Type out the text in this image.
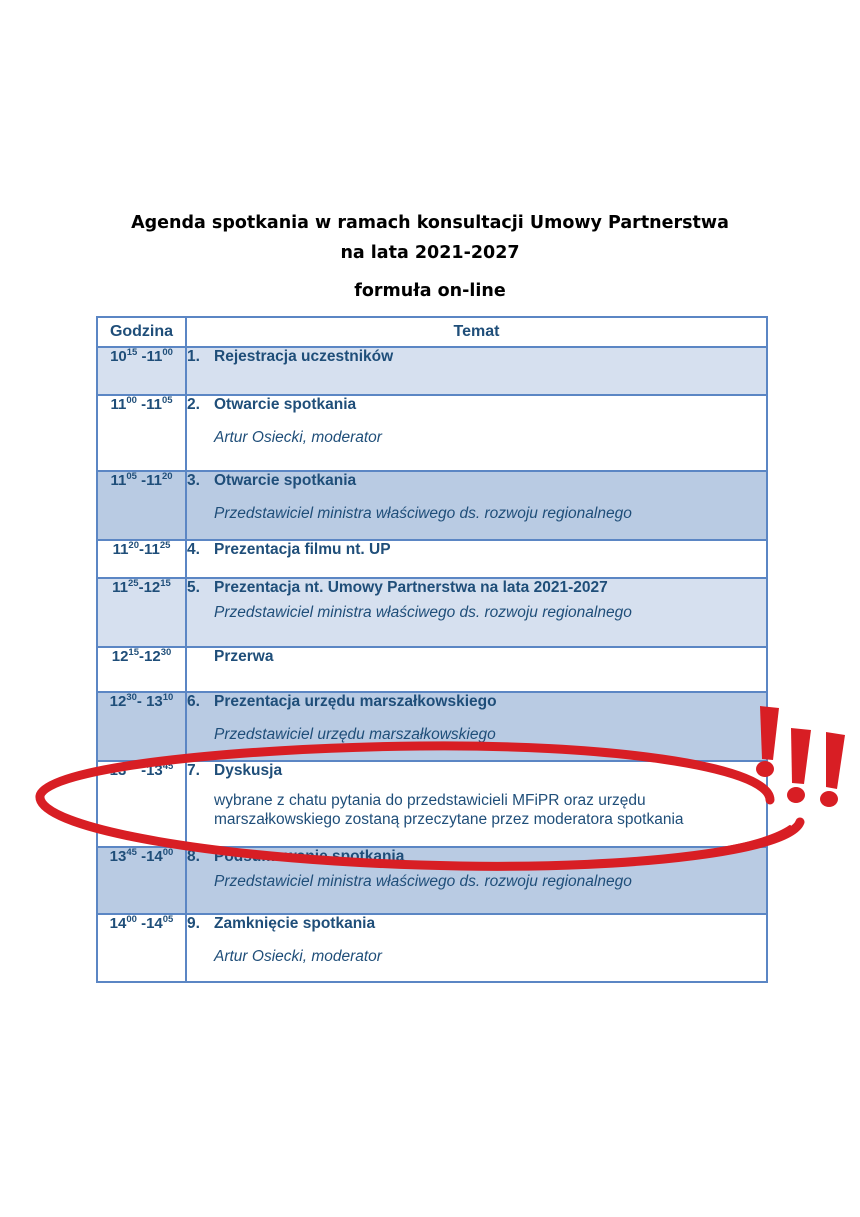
Agenda spotkania w ramach konsultacji Umowy Partnerstwa
na lata 2021-2027
formuła on-line
Godzina	Temat
$10^{15}$ $-11^{00}$	1. Rejestracja uczestników

$11^{00}$ $-11^{05}$	2. Otwarcie spotkania
Artur Osiecki, moderator

$11^{05}$ $-11^{20}$	3. Otwarcie spotkania
Przedstawiciel ministra właściwego ds. rozwoju regionalnego

$11^{20}-11^{25}$	4. Prezentacja filmu nt. UP

$11^{25}-12^{15}$	5. Prezentacja nt. Umowy Partnerstwa na lata 2021-2027
Przedstawiciel ministra właściwego ds. rozwoju regionalnego

$12^{15}-12^{30}$	Przerwa

$12^{30}-$ $13^{10}$	6. Prezentacja urzędu marszałkowskiego
Przedstawiciel urzędu marszałkowskiego

$13^{10}$ $-13^{45}$	7. Dyskusja
wybrane z chatu pytania do przedstawicieli MFiPR oraz urzędu marszałkowskiego zostaną przeczytane przez moderatora spotkania

$13^{45}$ $-14^{00}$	8. Podsumowanie spotkania
Przedstawiciel ministra właściwego ds. rozwoju regionalnego

$14^{00}$ $-14^{05}$	9. Zamknięcie spotkania
Artur Osiecki, moderator
